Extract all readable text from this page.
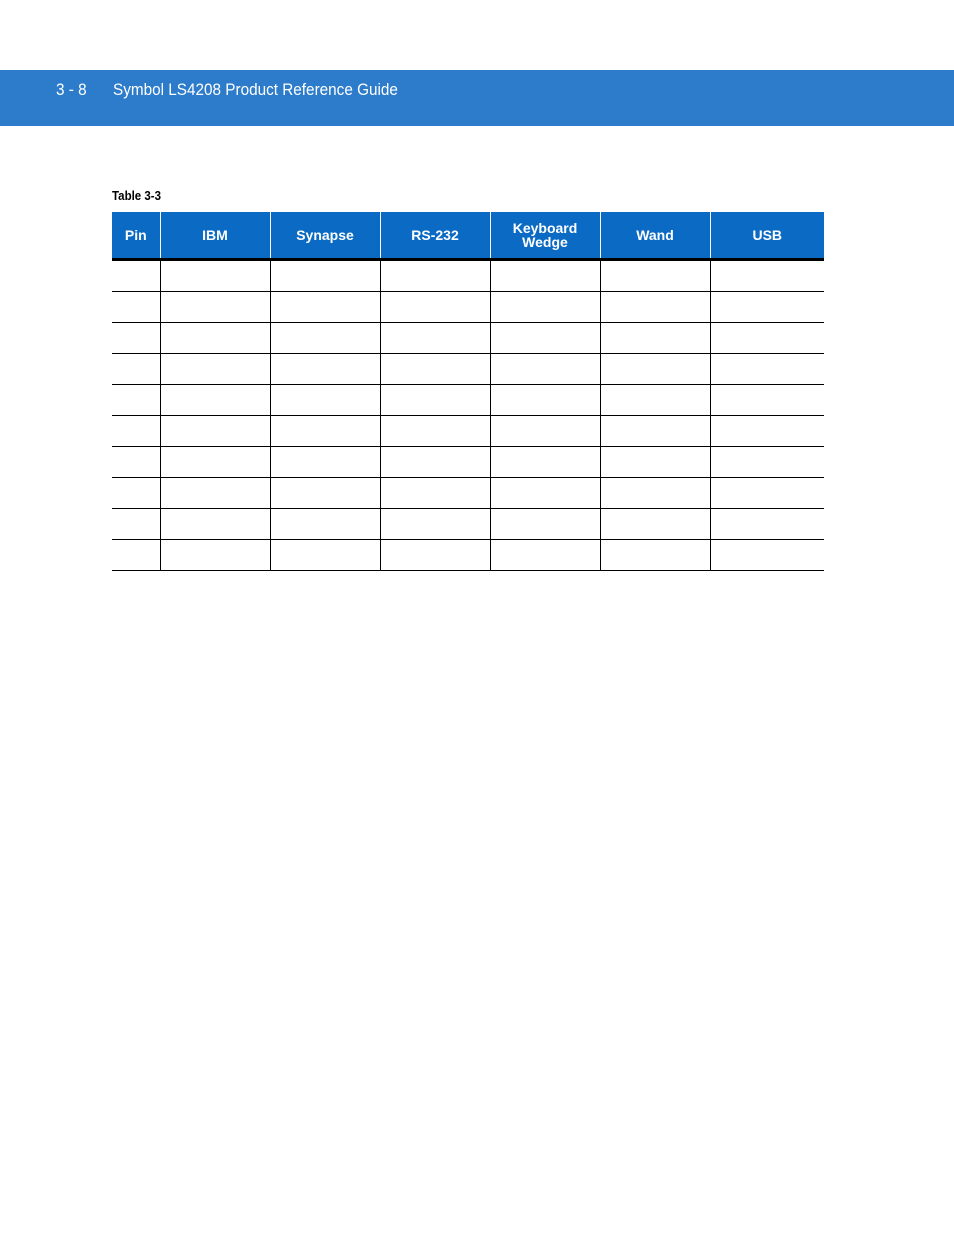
3 - 8 Symbol LS4208 Product Reference Guide
Table 3-3
Pin	IBM	Synapse	RS-232	Keyboard Wedge	Wand	USB
